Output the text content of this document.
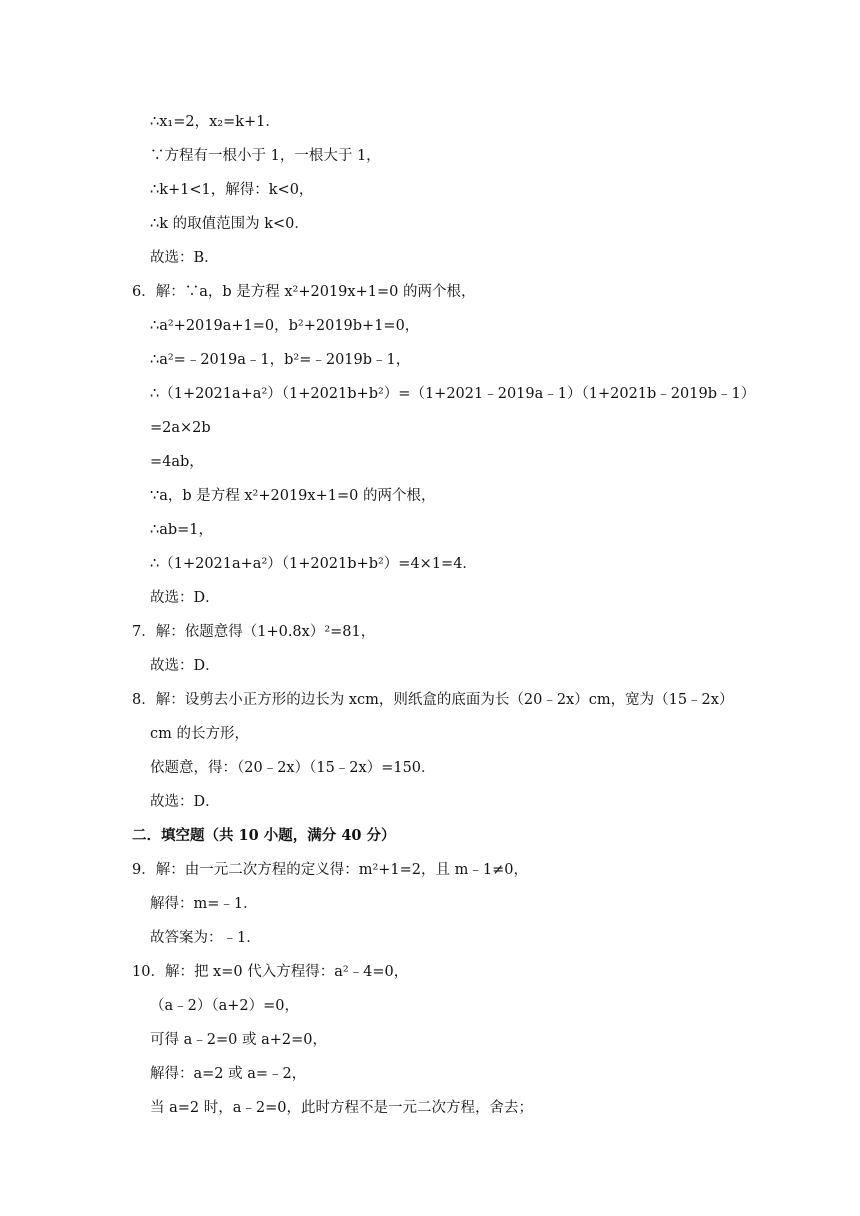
∴x₁=2，x₂=k+1．
∵方程有一根小于 1，一根大于 1，
∴k+1<1，解得：k<0，
∴k 的取值范围为 k<0．
故选：B．
6．解：∵a，b 是方程 x²+2019x+1=0 的两个根，
∴a²+2019a+1=0，b²+2019b+1=0，
∴a²=﹣2019a﹣1，b²=﹣2019b﹣1，
∴（1+2021a+a²）（1+2021b+b²）=（1+2021﹣2019a﹣1）（1+2021b﹣2019b﹣1）
=2a×2b
=4ab，
∵a，b 是方程 x²+2019x+1=0 的两个根，
∴ab=1，
∴（1+2021a+a²）（1+2021b+b²）=4×1=4．
故选：D．
7．解：依题意得（1+0.8x）²=81，
故选：D．
8．解：设剪去小正方形的边长为 xcm，则纸盒的底面为长（20﹣2x）cm，宽为（15﹣2x）
cm 的长方形，
依题意，得：（20﹣2x）（15﹣2x）=150．
故选：D．
二．填空题（共 10 小题，满分 40 分）
9．解：由一元二次方程的定义得：m²+1=2，且 m﹣1≠0，
解得：m=﹣1．
故答案为：﹣1．
10．解：把 x=0 代入方程得：a²﹣4=0，
（a﹣2）（a+2）=0，
可得 a﹣2=0 或 a+2=0，
解得：a=2 或 a=﹣2，
当 a=2 时，a﹣2=0，此时方程不是一元二次方程，舍去；
